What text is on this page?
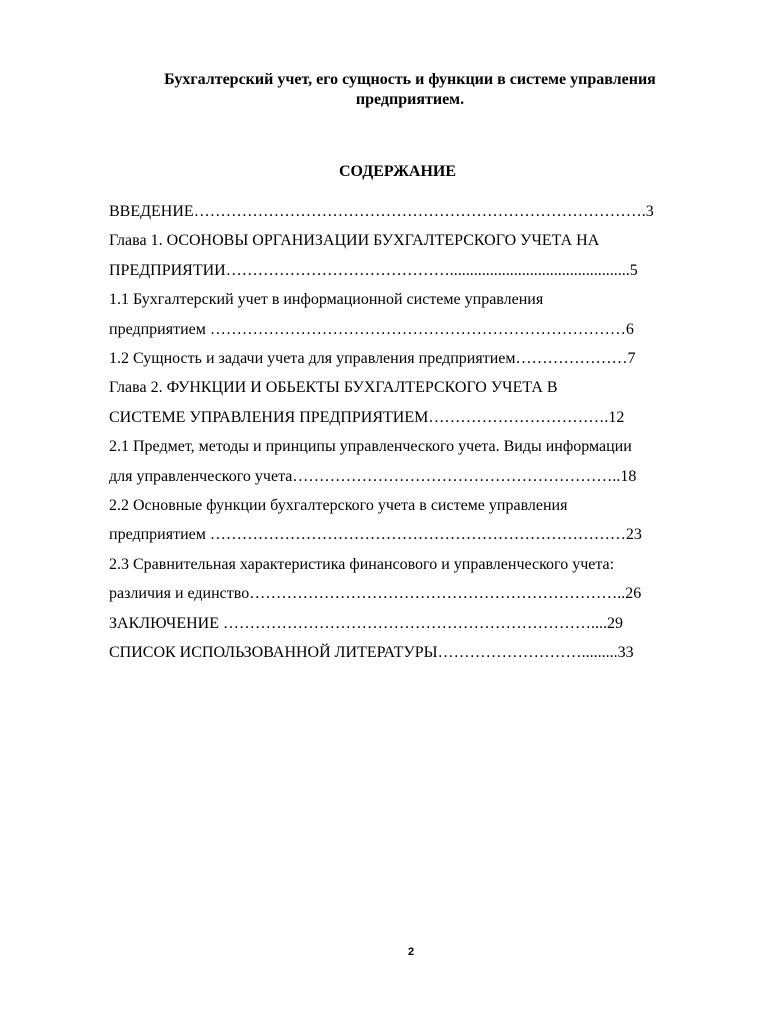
Бухгалтерский учет, его сущность и функции в системе управления
предприятием.
СОДЕРЖАНИЕ
ВВЕДЕНИЕ………………………………………………………………………….3
Глава 1. ОСОНОВЫ ОРГАНИЗАЦИИ БУХГАЛТЕРСКОГО УЧЕТА НА
ПРЕДПРИЯТИИ…………………………………….............................................5
1.1 Бухгалтерский учет в информационной системе управления
предприятием ……………………………………………………………………6
1.2 Сущность и задачи учета для управления предприятием…………………7
Глава 2. ФУНКЦИИ И ОБЬЕКТЫ БУХГАЛТЕРСКОГО УЧЕТА В
СИСТЕМЕ УПРАВЛЕНИЯ ПРЕДПРИЯТИЕМ…………………………….12
2.1 Предмет, методы и принципы управленческого учета. Виды информации
для управленческого учета……………………………………………………..18
2.2 Основные функции бухгалтерского учета в системе управления
предприятием ……………………………………………………………………23
2.3 Сравнительная характеристика финансового и управленческого учета:
различия и единство……………………………………………………………..26
ЗАКЛЮЧЕНИЕ ……………………………………………………………....29
СПИСОК ИСПОЛЬЗОВАННОЙ ЛИТЕРАТУРЫ……………………….........33
2
